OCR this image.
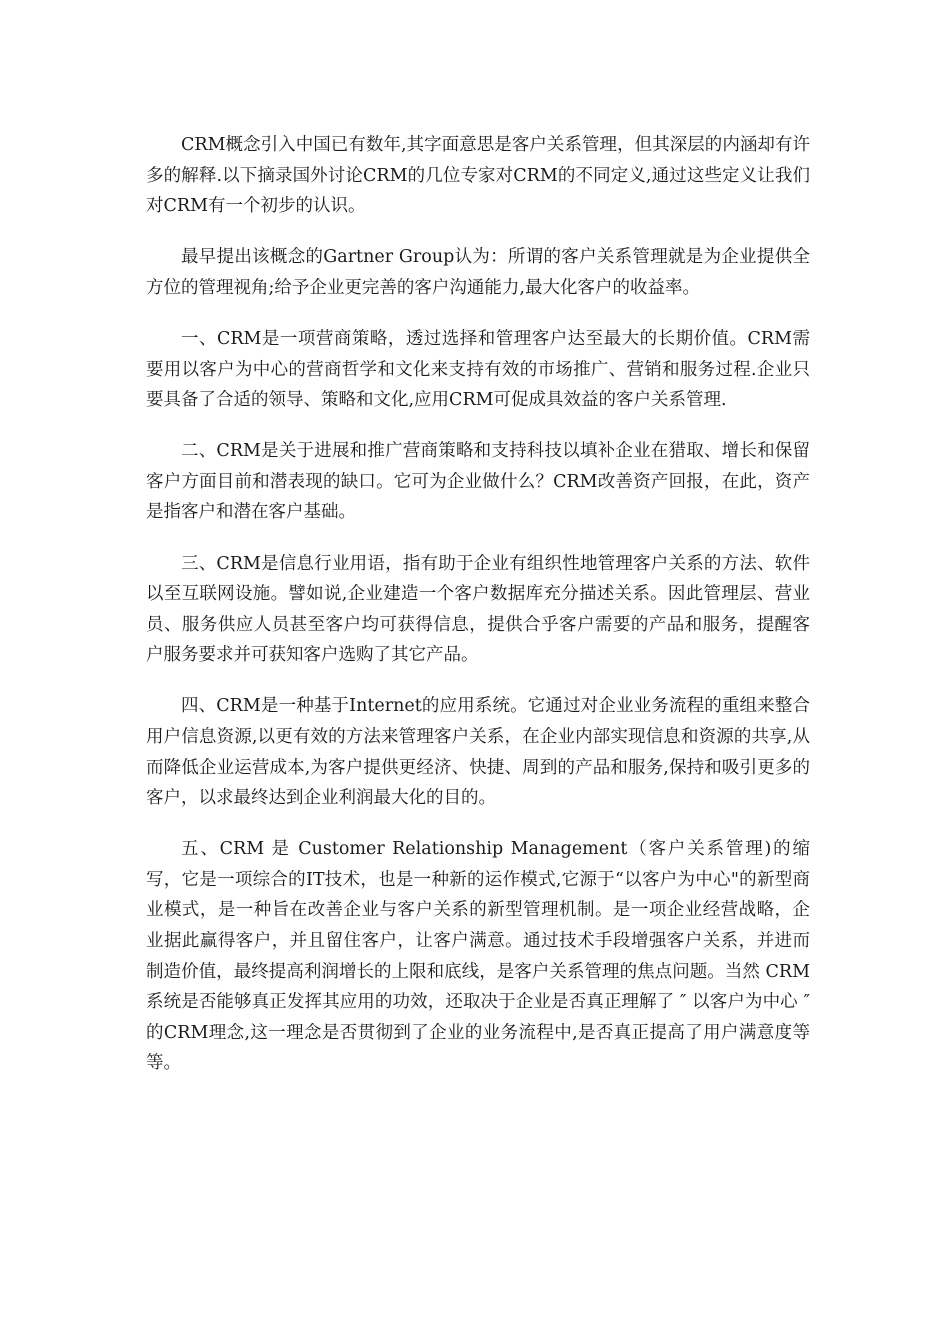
CRM概念引入中国已有数年,其字面意思是客户关系管理，但其深层的内涵却有许多的解释.以下摘录国外讨论CRM的几位专家对CRM的不同定义,通过这些定义让我们对CRM有一个初步的认识。

最早提出该概念的Gartner Group认为：所谓的客户关系管理就是为企业提供全方位的管理视角;给予企业更完善的客户沟通能力,最大化客户的收益率。

一、CRM是一项营商策略，透过选择和管理客户达至最大的长期价值。CRM需要用以客户为中心的营商哲学和文化来支持有效的市场推广、营销和服务过程.企业只要具备了合适的领导、策略和文化,应用CRM可促成具效益的客户关系管理.

二、CRM是关于进展和推广营商策略和支持科技以填补企业在猎取、增长和保留客户方面目前和潜表现的缺口。它可为企业做什么？CRM改善资产回报，在此，资产是指客户和潜在客户基础。

三、CRM是信息行业用语，指有助于企业有组织性地管理客户关系的方法、软件以至互联网设施。譬如说,企业建造一个客户数据库充分描述关系。因此管理层、营业员、服务供应人员甚至客户均可获得信息，提供合乎客户需要的产品和服务，提醒客户服务要求并可获知客户选购了其它产品。

四、CRM是一种基于Internet的应用系统。它通过对企业业务流程的重组来整合用户信息资源,以更有效的方法来管理客户关系，在企业内部实现信息和资源的共享,从而降低企业运营成本,为客户提供更经济、快捷、周到的产品和服务,保持和吸引更多的客户，以求最终达到企业利润最大化的目的。

五、CRM 是 Customer Relationship Management（客户关系管理)的缩写，它是一项综合的IT技术，也是一种新的运作模式,它源于“以客户为中心"的新型商业模式，是一种旨在改善企业与客户关系的新型管理机制。是一项企业经营战略，企业据此赢得客户，并且留住客户，让客户满意。通过技术手段增强客户关系，并进而制造价值，最终提高利润增长的上限和底线，是客户关系管理的焦点问题。当然 CRM 系统是否能够真正发挥其应用的功效，还取决于企业是否真正理解了 ″ 以客户为中心 ″ 的CRM理念,这一理念是否贯彻到了企业的业务流程中,是否真正提高了用户满意度等等。
